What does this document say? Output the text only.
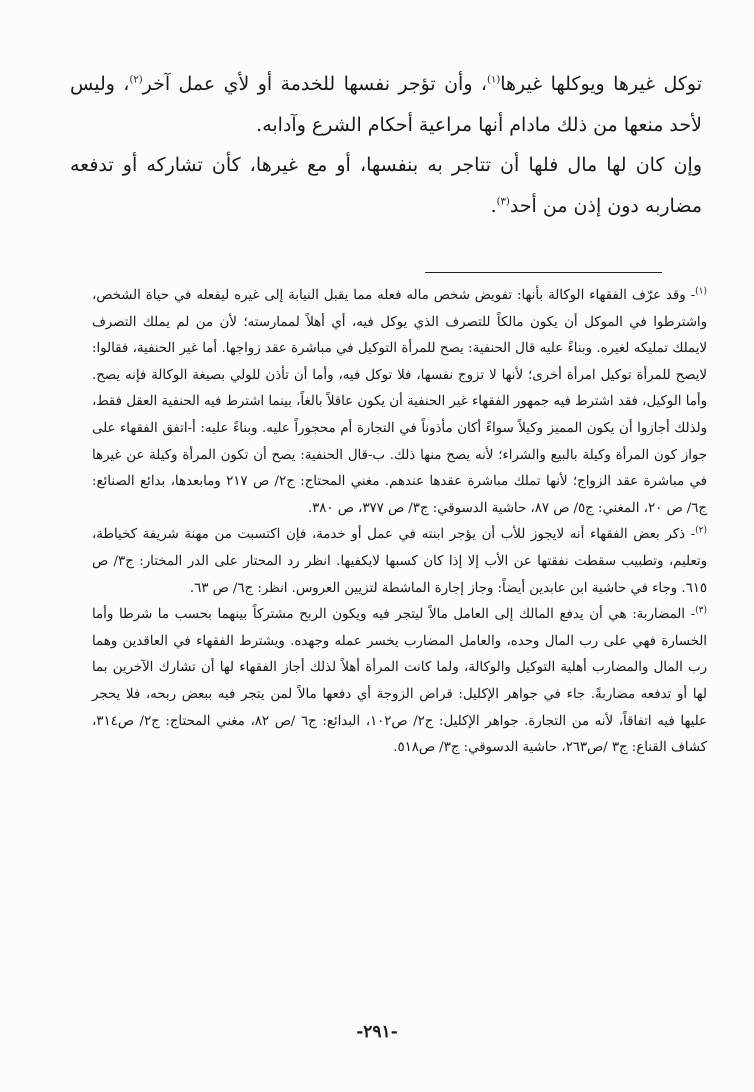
توكل غيرها ويوكلها غيرها$^{(١)}$، وأن تؤجر نفسها للخدمة أو لأي عمل آخر$^{(٢)}$، وليس لأحد منعها من ذلك مادام أنها مراعية أحكام الشرع وآدابه.

وإن كان لها مال فلها أن تتاجر به بنفسها، أو مع غيرها، كأن تشاركه أو تدفعه مضاربه دون إذن من أحد$^{(٣)}$.

$^{(١)}$- وقد عرّف الفقهاء الوكالة بأنها: تفويض شخص ماله فعله مما يقبل النيابة إلى غيره ليفعله في حياة الشخص، واشترطوا في الموكل أن يكون مالكاً للتصرف الذي يوكل فيه، أي أهلاً لممارسته؛ لأن من لم يملك التصرف لايملك تمليكه لغيره. وبناءً عليه قال الحنفية: يصح للمرأة التوكيل في مباشرة عقد زواجها. أما غير الحنفية، فقالوا: لايصح للمرأة توكيل امرأة أخرى؛ لأنها لا تزوج نفسها، فلا توكل فيه، وأما أن تأذن للولي بصيغة الوكالة فإنه يصح. وأما الوكيل، فقد اشترط فيه جمهور الفقهاء غير الحنفية أن يكون عاقلاً بالغاً، بينما اشترط فيه الحنفية العقل فقط، ولذلك أجازوا أن يكون المميز وكيلاً سواءً أكان مأذوناً في التجارة أم محجوراً عليه. وبناءً عليه: أ-اتفق الفقهاء على جواز كون المرأة وكيلة بالبيع والشراء؛ لأنه يصح منها ذلك. ب-قال الحنفية: يصح أن تكون المرأة وكيلة عن غيرها في مباشرة عقد الزواج؛ لأنها تملك مباشرة عقدها عندهم. مغني المحتاج: ج٢/ ص ٢١٧ ومابعدها، بدائع الصنائع: ج٦/ ص ٢٠، المغني: ج٥/ ص ٨٧، حاشية الدسوقي: ج٣/ ص ٣٧٧، ص ٣٨٠.

$^{(٢)}$- ذكر بعض الفقهاء أنه لايجوز للأب أن يؤجر ابنته في عمل أو خدمة، فإن اكتسبت من مهنة شريفة كخياطة، وتعليم، وتطبيب سقطت نفقتها عن الأب إلا إذا كان كسبها لايكفيها. انظر رد المحتار على الدر المختار: ج٣/ ص ٦١٥. وجاء في حاشية ابن عابدين أيضاً: وجاز إجارة الماشطة لتزيين العروس. انظر: ج٦/ ص ٦٣.

$^{(٣)}$- المضاربة: هي أن يدفع المالك إلى العامل مالاً ليتجر فيه ويكون الربح مشتركاً بينهما بحسب ما شرطا وأما الخسارة فهي على رب المال وحده، والعامل المضارب يخسر عمله وجهده. ويشترط الفقهاء في العاقدين وهما رب المال والمضارب أهلية التوكيل والوكالة، ولما كانت المرأة أهلاً لذلك أجاز الفقهاء لها أن تشارك الآخرين بما لها أو تدفعه مضاربةً. جاء في جواهر الإكليل: قراض الزوجة أي دفعها مالاً لمن يتجر فيه ببعض ربحه، فلا يحجر عليها فيه اتفاقاً، لأنه من التجارة. جواهر الإكليل: ج٢/ ص١٠٢، البدائع: ج٦ /ص ٨٢، مغني المحتاج: ج٢/ ص٣١٤، كشاف القناع: ج٣ /ص٢٦٣، حاشية الدسوقي: ج٣/ ص٥١٨.

-٢٩١-
